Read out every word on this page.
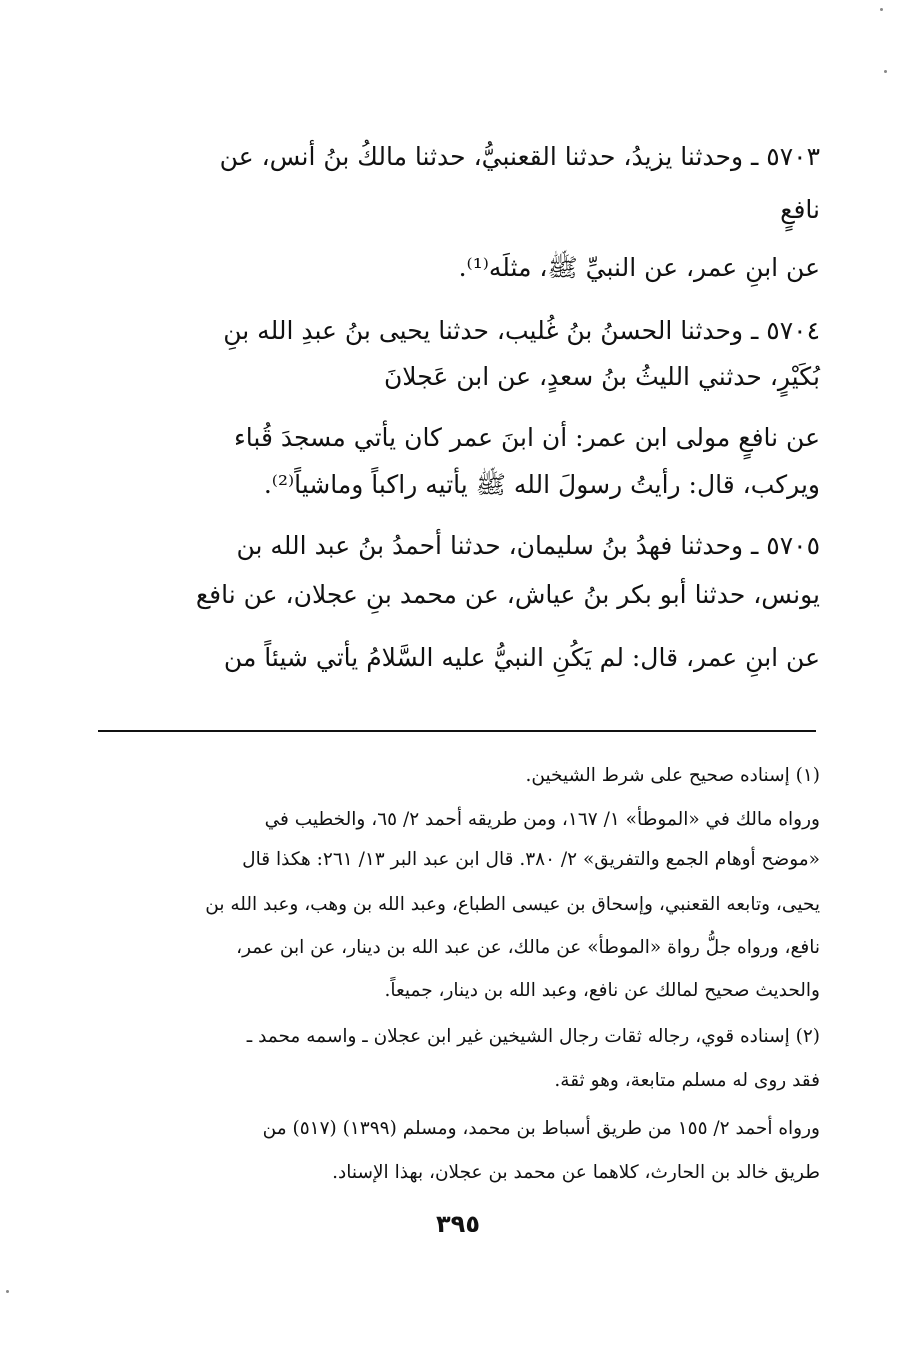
٥٧٠٣ ـ وحدثنا يزيدُ، حدثنا القعنبيُّ، حدثنا مالكُ بنُ أنس، عن
نافعٍ
عن ابنِ عمر، عن النبيِّ ﷺ، مثلَه⁽¹⁾.
٥٧٠٤ ـ وحدثنا الحسنُ بنُ غُليب، حدثنا يحيى بنُ عبدِ الله بنِ
بُكَيْرٍ، حدثني الليثُ بنُ سعدٍ، عن ابن عَجلانَ
عن نافعٍ مولى ابن عمر: أن ابنَ عمر كان يأتي مسجدَ قُباء
ويركب، قال: رأيتُ رسولَ الله ﷺ يأتيه راكباً وماشياً⁽²⁾.
٥٧٠٥ ـ وحدثنا فهدُ بنُ سليمان، حدثنا أحمدُ بنُ عبد الله بن
يونس، حدثنا أبو بكر بنُ عياش، عن محمد بنِ عجلان، عن نافع
عن ابنِ عمر، قال: لم يَكُنِ النبيُّ عليه السَّلامُ يأتي شيئاً من
(١) إسناده صحيح على شرط الشيخين.
ورواه مالك في «الموطأ» ١/ ١٦٧، ومن طريقه أحمد ٢/ ٦٥، والخطيب في
«موضح أوهام الجمع والتفريق» ٢/ ٣٨٠. قال ابن عبد البر ١٣/ ٢٦١: هكذا قال
يحيى، وتابعه القعنبي، وإسحاق بن عيسى الطباع، وعبد الله بن وهب، وعبد الله بن
نافع، ورواه جلُّ رواة «الموطأ» عن مالك، عن عبد الله بن دينار، عن ابن عمر،
والحديث صحيح لمالك عن نافع، وعبد الله بن دينار، جميعاً.
(٢) إسناده قوي، رجاله ثقات رجال الشيخين غير ابن عجلان ـ واسمه محمد ـ
فقد روى له مسلم متابعة، وهو ثقة.
ورواه أحمد ٢/ ١٥٥ من طريق أسباط بن محمد، ومسلم (١٣٩٩) (٥١٧) من
طريق خالد بن الحارث، كلاهما عن محمد بن عجلان، بهذا الإسناد.
٣٩٥
